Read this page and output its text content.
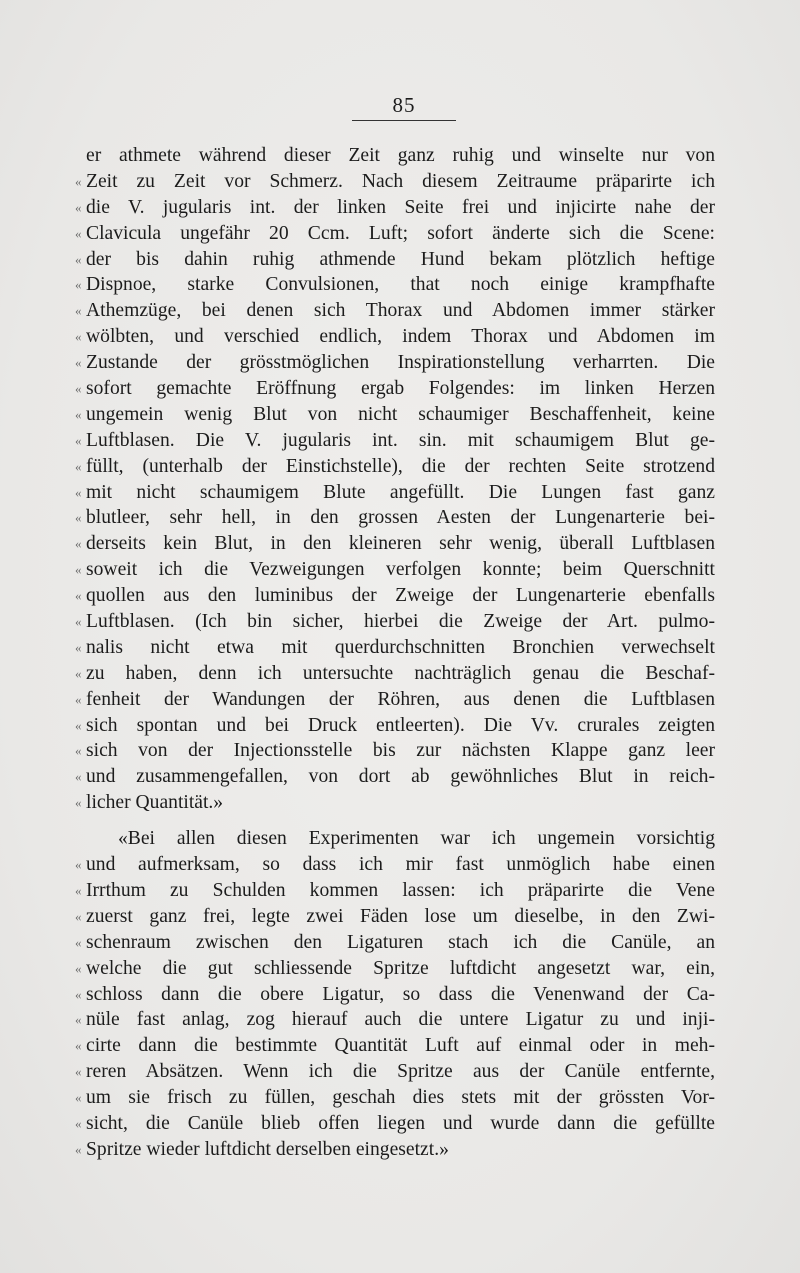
85
er athmete während dieser Zeit ganz ruhig und winselte nur von
« Zeit zu Zeit vor Schmerz. Nach diesem Zeitraume präparirte ich
« die V. jugularis int. der linken Seite frei und injicirte nahe der
« Clavicula ungefähr 20 Ccm. Luft; sofort änderte sich die Scene:
« der bis dahin ruhig athmende Hund bekam plötzlich heftige
« Dispnoe, starke Convulsionen, that noch einige krampfhafte
« Athemzüge, bei denen sich Thorax und Abdomen immer stärker
« wölbten, und verschied endlich, indem Thorax und Abdomen im
« Zustande der grösstmöglichen Inspirationstellung verharrten. Die
« sofort gemachte Eröffnung ergab Folgendes: im linken Herzen
« ungemein wenig Blut von nicht schaumiger Beschaffenheit, keine
« Luftblasen. Die V. jugularis int. sin. mit schaumigem Blut ge-
« füllt, (unterhalb der Einstichstelle), die der rechten Seite strotzend
« mit nicht schaumigem Blute angefüllt. Die Lungen fast ganz
« blutleer, sehr hell, in den grossen Aesten der Lungenarterie bei-
« derseits kein Blut, in den kleineren sehr wenig, überall Luftblasen
« soweit ich die Vezweigungen verfolgen konnte; beim Querschnitt
« quollen aus den luminibus der Zweige der Lungenarterie ebenfalls
« Luftblasen. (Ich bin sicher, hierbei die Zweige der Art. pulmo-
« nalis nicht etwa mit querdurchschnitten Bronchien verwechselt
« zu haben, denn ich untersuchte nachträglich genau die Beschaf-
« fenheit der Wandungen der Röhren, aus denen die Luftblasen
« sich spontan und bei Druck entleerten). Die Vv. crurales zeigten
« sich von der Injectionsstelle bis zur nächsten Klappe ganz leer
« und zusammengefallen, von dort ab gewöhnliches Blut in reich-
« licher Quantität.»
«Bei allen diesen Experimenten war ich ungemein vorsichtig
« und aufmerksam, so dass ich mir fast unmöglich habe einen
« Irrthum zu Schulden kommen lassen: ich präparirte die Vene
« zuerst ganz frei, legte zwei Fäden lose um dieselbe, in den Zwi-
« schenraum zwischen den Ligaturen stach ich die Canüle, an
« welche die gut schliessende Spritze luftdicht angesetzt war, ein,
« schloss dann die obere Ligatur, so dass die Venenwand der Ca-
« nüle fast anlag, zog hierauf auch die untere Ligatur zu und inji-
« cirte dann die bestimmte Quantität Luft auf einmal oder in meh-
« reren Absätzen. Wenn ich die Spritze aus der Canüle entfernte,
« um sie frisch zu füllen, geschah dies stets mit der grössten Vor-
« sicht, die Canüle blieb offen liegen und wurde dann die gefüllte
« Spritze wieder luftdicht derselben eingesetzt.»
